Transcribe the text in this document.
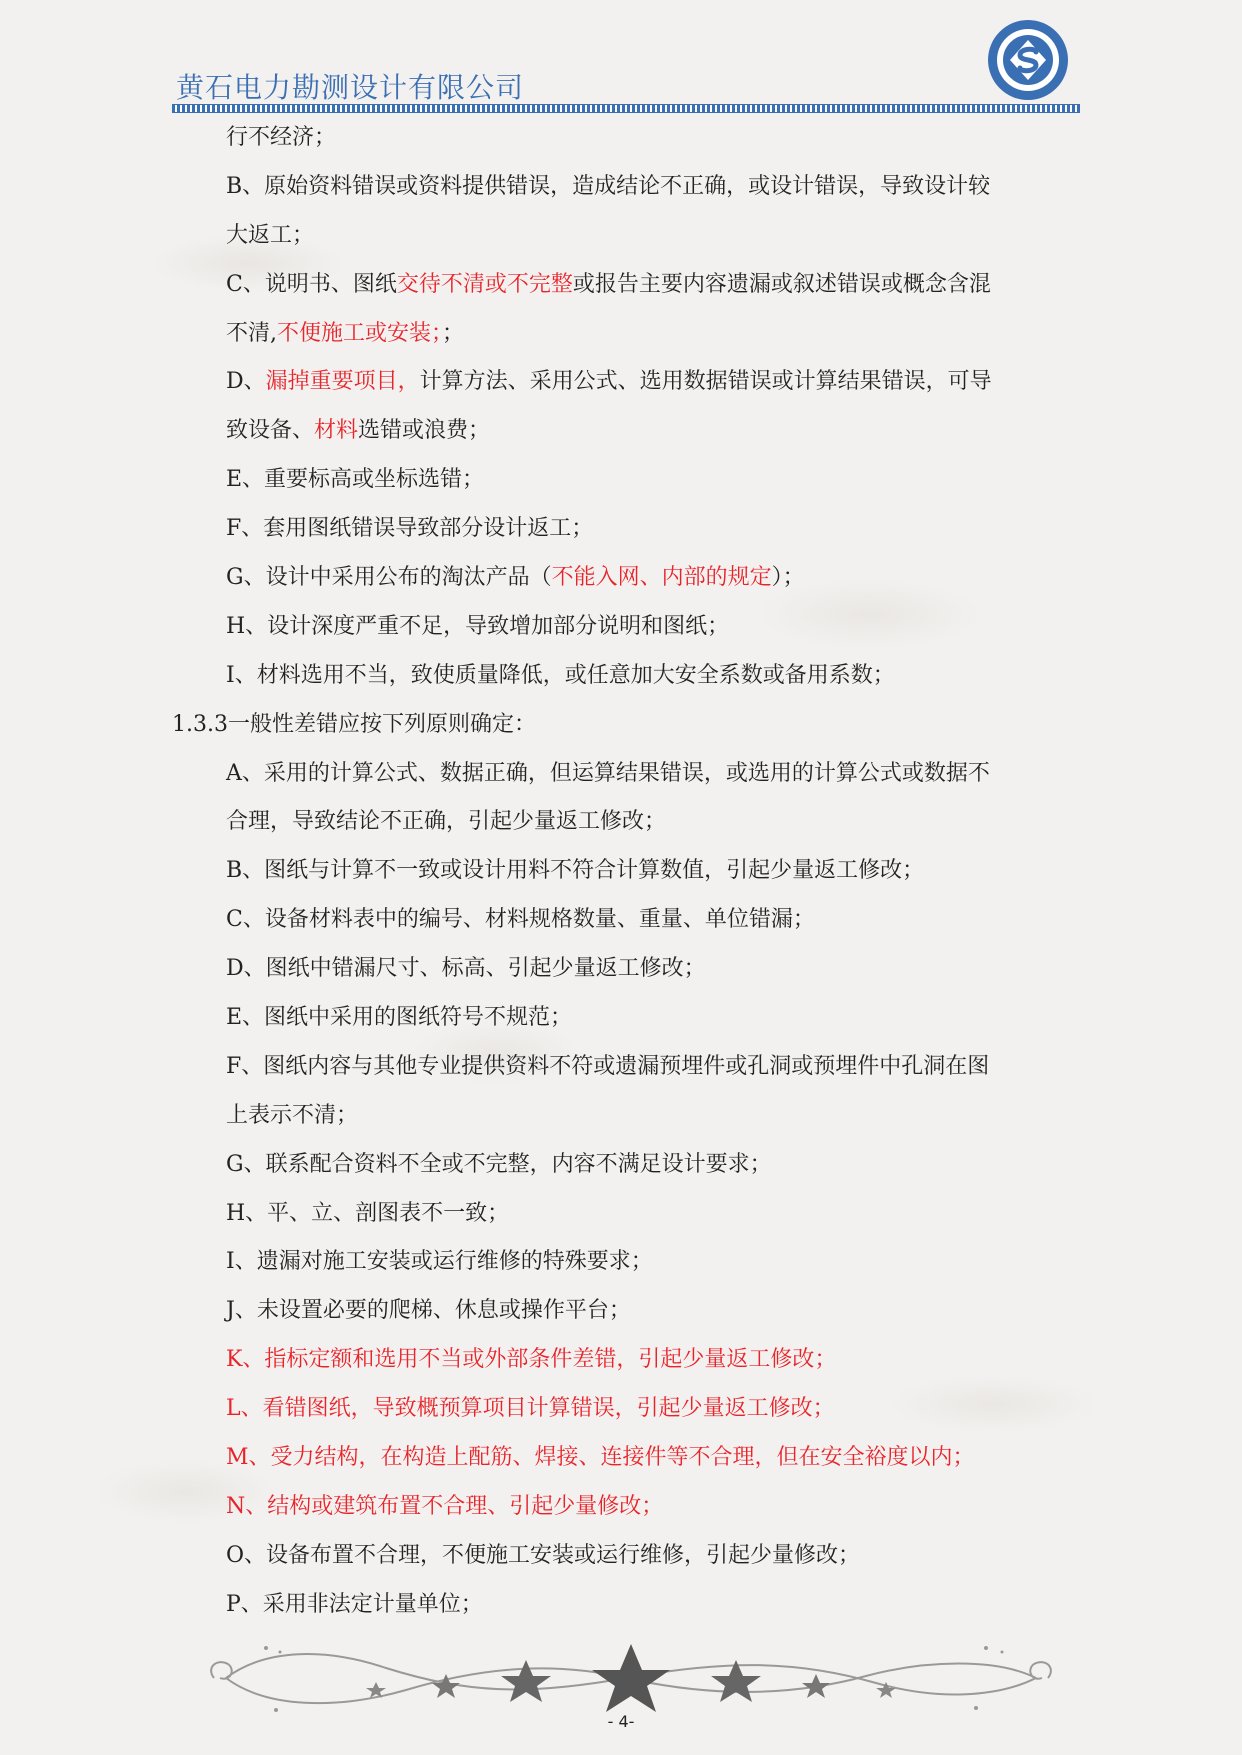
黄石电力勘测设计有限公司
行不经济；
B、原始资料错误或资料提供错误，造成结论不正确，或设计错误，导致设计较
大返工；
C、说明书、图纸交待不清或不完整或报告主要内容遗漏或叙述错误或概念含混
不清,不便施工或安装；；
D、漏掉重要项目，计算方法、采用公式、选用数据错误或计算结果错误，可导
致设备、材料选错或浪费；
E、重要标高或坐标选错；
F、套用图纸错误导致部分设计返工；
G、设计中采用公布的淘汰产品（不能入网、内部的规定）；
H、设计深度严重不足，导致增加部分说明和图纸；
I、材料选用不当，致使质量降低，或任意加大安全系数或备用系数；
1.3.3一般性差错应按下列原则确定：
A、采用的计算公式、数据正确，但运算结果错误，或选用的计算公式或数据不
合理，导致结论不正确，引起少量返工修改；
B、图纸与计算不一致或设计用料不符合计算数值，引起少量返工修改；
C、设备材料表中的编号、材料规格数量、重量、单位错漏；
D、图纸中错漏尺寸、标高、引起少量返工修改；
E、图纸中采用的图纸符号不规范；
F、图纸内容与其他专业提供资料不符或遗漏预埋件或孔洞或预埋件中孔洞在图
上表示不清；
G、联系配合资料不全或不完整，内容不满足设计要求；
H、平、立、剖图表不一致；
I、遗漏对施工安装或运行维修的特殊要求；
J、未设置必要的爬梯、休息或操作平台；
K、指标定额和选用不当或外部条件差错，引起少量返工修改；
L、看错图纸，导致概预算项目计算错误，引起少量返工修改；
M、受力结构，在构造上配筋、焊接、连接件等不合理，但在安全裕度以内；
N、结构或建筑布置不合理、引起少量修改；
O、设备布置不合理，不便施工安装或运行维修，引起少量修改；
P、采用非法定计量单位；
- 4-
